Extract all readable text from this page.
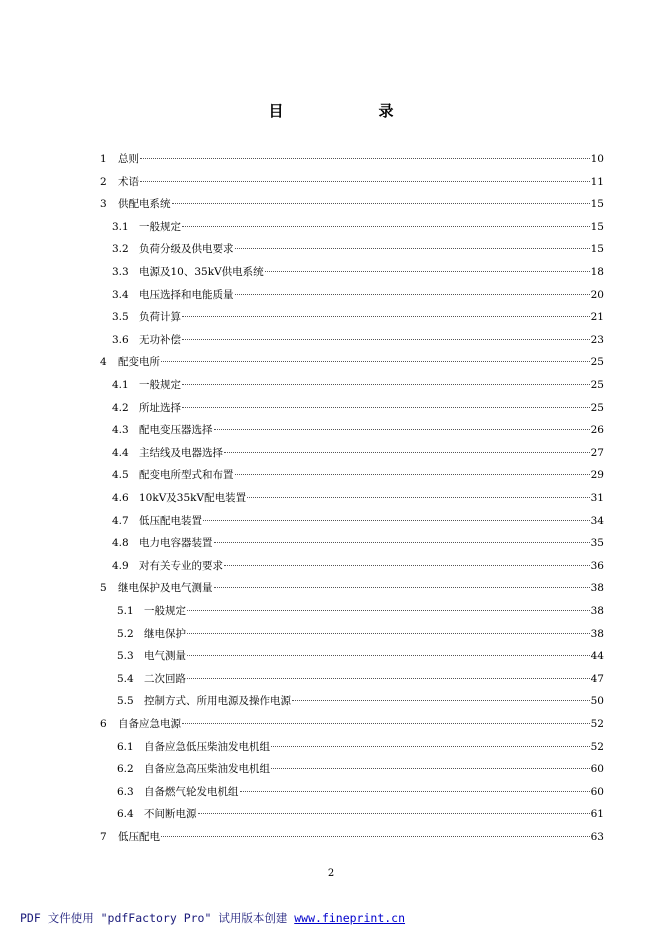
目　录
1	总则	10
2	术语	11
3	供配电系统	15
3.1 一般规定	15
3.2 负荷分级及供电要求	15
3.3 电源及10、35kV供电系统	18
3.4 电压选择和电能质量	20
3.5 负荷计算	21
3.6 无功补偿	23
4	配变电所	25
4.1 一般规定	25
4.2 所址选择	25
4.3 配电变压器选择	26
4.4 主结线及电器选择	27
4.5 配变电所型式和布置	29
4.6 10kV及35kV配电装置	31
4.7 低压配电装置	34
4.8 电力电容器装置	35
4.9 对有关专业的要求	36
5	继电保护及电气测量	38
5.1 一般规定	38
5.2 继电保护	38
5.3 电气测量	44
5.4 二次回路	47
5.5 控制方式、所用电源及操作电源	50
6	自备应急电源	52
6.1 自备应急低压柴油发电机组	52
6.2 自备应急高压柴油发电机组	60
6.3 自备燃气轮发电机组	60
6.4 不间断电源	61
7	低压配电	63
2
PDF 文件使用 "pdfFactory Pro" 试用版本创建 www.fineprint.cn
